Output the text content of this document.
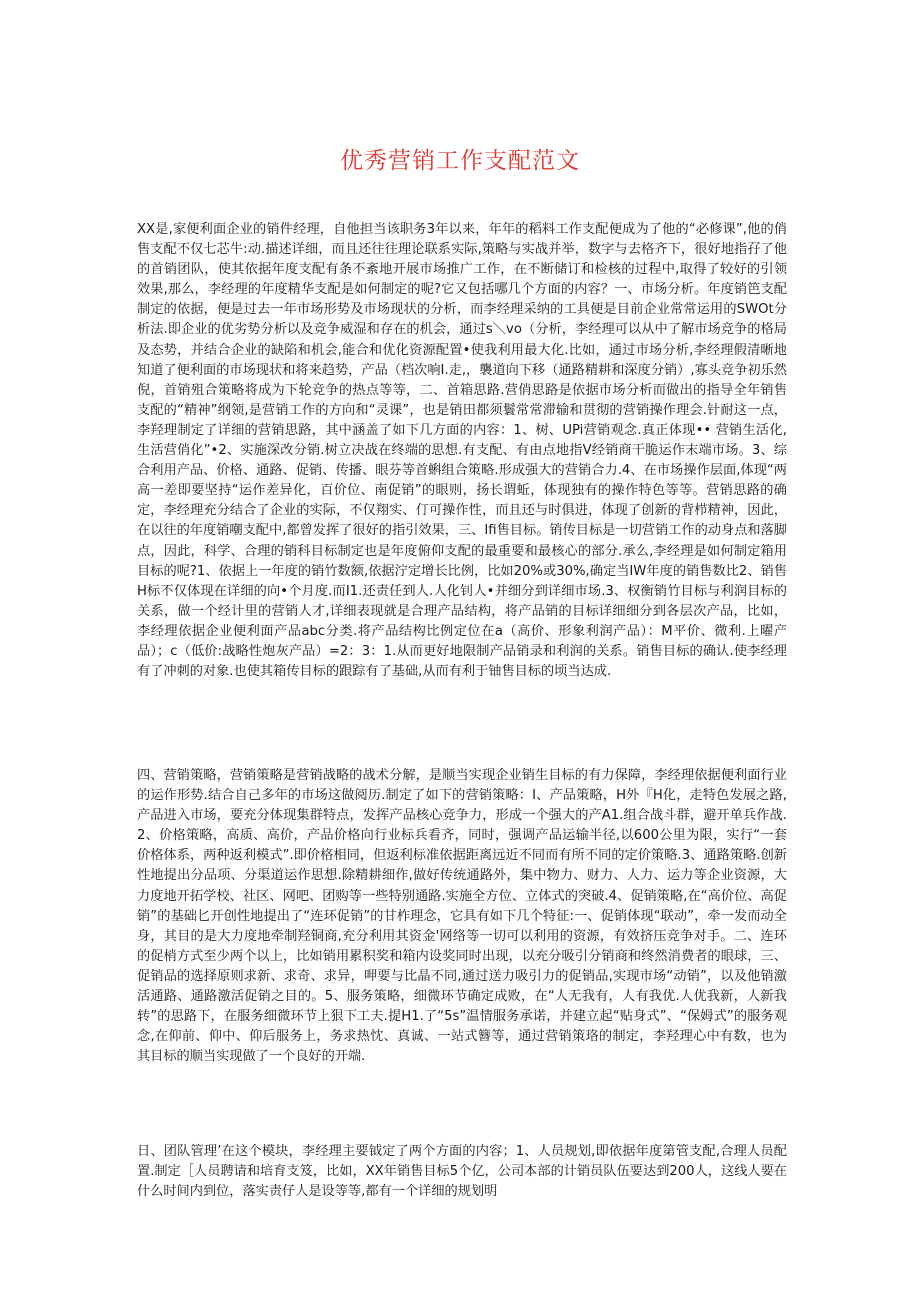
优秀营销工作支配范文

XX是,家便利面企业的销件经理，自他担当该职务3年以来，年年的稻料工作支配便成为了他的“必修课”,他的俏售支配不仅七芯牛:动.描述详细，而且还往往理论联系实际,策略与实战并举，数字与去格齐下，很好地指孖了他的首销团队，使其依据年度支配有条不紊地开展市场推广工作，在不断储订和检核的过程中,取得了较好的引领效果,那么，李经理的年度精华支配是如何制定的呢?它又包括哪几个方面的内容？一、市场分析。年度销笆支配制定的依据，便是过去一年市场形势及市场现状的分析，而李经理采纳的工具便是目前企业常常运用的SWOt分析法.即企业的优劣势分析以及竞争威湿和存在的机会，通过s＼vo（分析，李经理可以从中了解市场竞争的格局及态势，并结合企业的缺陷和机会,能合和优化资源配置•使我利用最大化.比如，通过市场分析,李经理假清晰地知道了便利面的市场现状和将来趋势，产品（档次响I.走,，襲道向下移（通路精耕和深度分销）,寡头竞争初乐然倪，首销殂合策略将成为下轮竞争的热点等等，二、首箱思路.营俏思路是依据市场分析而做出的指导全年销售支配的“精神”纲领,是营销工作的方向和“灵课”，也是销田都须鬟常常滞输和贯彻的营销操作理会.针耐这一点，李羟理制定了详细的营销思路，其中涵盖了如下几方面的内容：1、树、UPi营销观念.真正体现•• 营销生活化,生活营俏化”•2、实施深改分销.树立决战在终端的思想.有支配、有由点地指V经销商干脆运作末端市场。3、综合利用产品、价格、通路、促销、传播、眼芬等首蝌组合策略.形成强大的营销合力.4、在市场操作层面,体现“两高一差即要坚持“运作差异化，百价位、南促销”的眼则，扬长谓蚯，体现独有的操作特色等等。营销思路的确定，李经理充分结合了企业的实际，不仅翔实、仃可操作性，而且还与时俱进，体现了创新的背栉精神，因此，在以往的年度销嘲支配中,都曾发挥了很好的指引效果，三、Ifi售目标。销传目标是一切营销工作的动身点和落脚点，因此，科学、合理的销科目标制定也是年度俯仰支配的最重要和最核心的部分.承么,李经理是如何制定箱用目标的呢?1、依据上一年度的销竹数额,依据泞定增长比例，比如20%或30%,确定当IW年度的销售数比2、销售H标不仅体现在详细的向•个月度.而I1.还责任到人.人化钊人•并细分到详细市场.3、权衡销竹目标与利润目标的关系，做一个经计里的营销人才,详细表现就是合理产品结构，将产品销的目标详细细分到各层次产品，比如，李经理依据企业便利面产品abc分类.将产品结构比例定位在a（高价、形象利润产品）：M平价、微利.上曜产品）；c（低价:战略性炮灰产品）=2：3：1.从而更好地限制产品销录和利润的关系。销售目标的确认.使李经理有了冲刺的对象.也使其箱传目标的跟踪有了基础,从而有利于铀售目标的顷当达成.

四、营销策略，营销策略是营销战略的战术分解，是顺当实现企业销生目标的有力保障，李经理依据便利面行业的运作形势.结合自己多年的市场这做阅历.制定了如下的营销策略：I、产品策略，H外『H化，走特色发展之路,产品进入市场，要充分体现集群特点，发挥产品核心竞争力，形成一个强大的产A1.组合战斗群，避开单兵作战.2、价格策略，高质、高价，产品价格向行业标兵看齐，同时，强调产品运输半径,以600公里为限，实行“一套价格体系，两种返利模式”.即价格相同，但返利标准依据距离远近不同而有所不同的定价策略.3、通路策略.创新性地提出分品项、分渠道运作思想.除精耕细作,做好传统通路外，集中物力、财力、人力、运力等企业资源，大力度地开拓学校、社区、网吧、团购等一些特别通路.实施全方位、立体式的突破.4、促销策略,在“高价位、高促销”的基础匕开创性地提出了“连环促销”的甘柞理念，它具有如下几个特征:一、促销体现“联动”，牵一发而动全身，其目的是大力度地牵制羟铜商,充分利用其资金'网络等一切可以利用的资源，有效挤压竞争对手。二、连环的促梢方式至少两个以上，比如销用累积奖和箱内设奖同时出现，以充分吸引分销商和终然消费者的眼球，三、促销品的选择原则求新、求奇、求异，呷要与比晶不同,通过送力吸引力的促销品,实现市场“动销”，以及他销激活通路、通路激活促销之目的。5、服务策略，细微环节确定成败，在“人无我有，人有我优.人优我新，人新我转”的思路下，在服务细微环节上狠下工夫.提H1.了“5s”温情服务承诺，并建立起“贴身式”、“保姆式”的服务观念,在仰前、仰中、仰后服务上，务求热忱、真诚、一站式簪等，通过营销策珞的制定，李羟理心中有数，也为其目标的顺当实现做了一个良好的开端.

日、团队管理’在这个模块，李经理主要钺定了两个方面的内容；1、人员规划,即依据年度第管支配,合理人员配置.制定［人员聘请和培育支笈，比如，XX年销售目标5个亿，公司本部的计销员队伍要达到200人，这线人要在什么时间内到位，落实责仔人是设等等,都有一个详细的规划明
